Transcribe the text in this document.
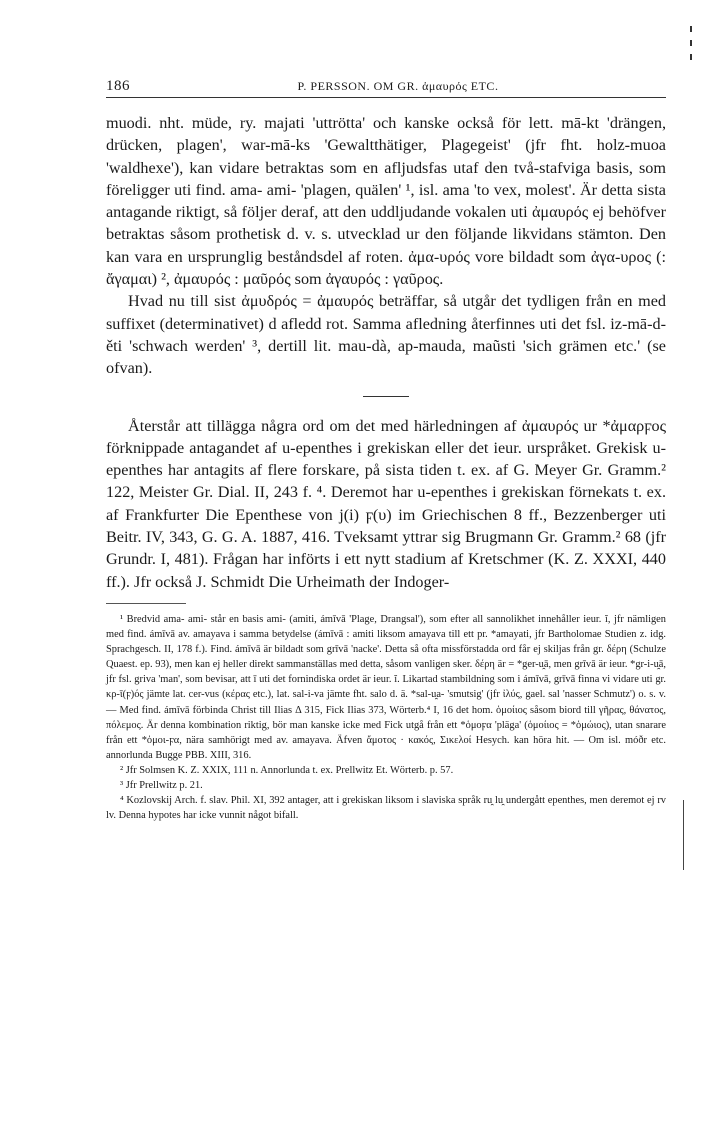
186	P. PERSSON. OM GR. ἀμαυρός ETC.

muodi. nht. müde, ry. majati 'uttrötta' och kanske också för lett. mā-kt 'drängen, drücken, plagen', war-mā-ks 'Gewaltthätiger, Plagegeist' (jfr fht. holz-muoa 'waldhexe'), kan vidare betraktas som en afljudsfas utaf den två-stafviga basis, som föreligger uti find. ama- ami- 'plagen, quälen' ¹, isl. ama 'to vex, molest'. Är detta sista antagande riktigt, så följer deraf, att den uddljudande vokalen uti ἀμαυρός ej behöfver betraktas såsom prothetisk d. v. s. utvecklad ur den följande likvidans stämton. Den kan vara en ursprunglig beståndsdel af roten. ἀμα-υρός vore bildadt som ἀγα-υρος (: ἄγαμαι) ², ἀμαυρός : μαῦρός som ἀγαυρός : γαῦρος.

Hvad nu till sist ἀμυδρός = ἀμαυρός beträffar, så utgår det tydligen från en med suffixet (determinativet) d afledd rot. Samma afledning återfinnes uti det fsl. iz-mā-d-ěti 'schwach werden' ³, dertill lit. mau-dà, ap-mauda, maũsti 'sich grämen etc.' (se ofvan).

Återstår att tillägga några ord om det med härledningen af ἀμαυρός ur *ἀμαρϝος förknippade antagandet af u-epenthes i grekiskan eller det ieur. urspråket. Grekisk u-epenthes har antagits af flere forskare, på sista tiden t. ex. af G. Meyer Gr. Gramm.² 122, Meister Gr. Dial. II, 243 f. ⁴. Deremot har u-epenthes i grekiskan förnekats t. ex. af Frankfurter Die Epenthese von j(i) ϝ(υ) im Griechischen 8 ff., Bezzenberger uti Beitr. IV, 343, G. G. A. 1887, 416. Tveksamt yttrar sig Brugmann Gr. Gramm.² 68 (jfr Grundr. I, 481). Frågan har införts i ett nytt stadium af Kretschmer (K. Z. XXXI, 440 ff.). Jfr också J. Schmidt Die Urheimath der Indoger-

¹ Bredvid ama- ami- står en basis ami- (amiti, ámīvā 'Plage, Drangsal'), som efter all sannolikhet innehåller ieur. ĭ, jfr nämligen med find. ámīvā av. amayava i samma betydelse (ámīvā : amiti liksom amayava till ett pr. *amayati, jfr Bartholomae Studien z. idg. Sprachgesch. II, 178 f.). Find. ámīvā är bildadt som grīvā 'nacke'. Detta så ofta missförstadda ord får ej skiljas från gr. δέρη (Schulze Quaest. ep. 93), men kan ej heller direkt sammanställas med detta, såsom vanligen sker. δέρη är = *ger-u̯ā, men grīvā är ieur. *gr-i-u̯ā, jfr fsl. griva 'man', som bevisar, att ī uti det fornindiska ordet är ieur. ĭ. Likartad stambildning som i ámīvā, grīvā finna vi vidare uti gr. κρ-ῑ(ϝ)ός jämte lat. cer-vus (κέρας etc.), lat. sal-i-va jämte fht. salo d. ä. *sal-u̯a- 'smutsig' (jfr ἰλύς, gael. sal 'nasser Schmutz') o. s. v. — Med find. ámīvā förbinda Christ till Ilias Δ 315, Fick Ilias 373, Wörterb.⁴ I, 16 det hom. ὁμοίιος såsom biord till γῆρας, θάνατος, πόλεμος. Är denna kombination riktig, bör man kanske icke med Fick utgå från ett *ὁμοϝα 'pläga' (ὁμοίιος = *ὁμώιος), utan snarare från ett *ὀμοι-ϝα, nära samhörigt med av. amayava. Äfven ἄμοτος · κακός, Σικελοί Hesych. kan höra hit. — Om isl. móðr etc. annorlunda Bugge PBB. XIII, 316.

² Jfr Solmsen K. Z. XXIX, 111 n. Annorlunda t. ex. Prellwitz Et. Wörterb. p. 57.

³ Jfr Prellwitz p. 21.

⁴ Kozlovskij Arch. f. slav. Phil. XI, 392 antager, att i grekiskan liksom i slaviska språk ru̯ lu̯ undergått epenthes, men deremot ej rv lv. Denna hypotes har icke vunnit något bifall.
